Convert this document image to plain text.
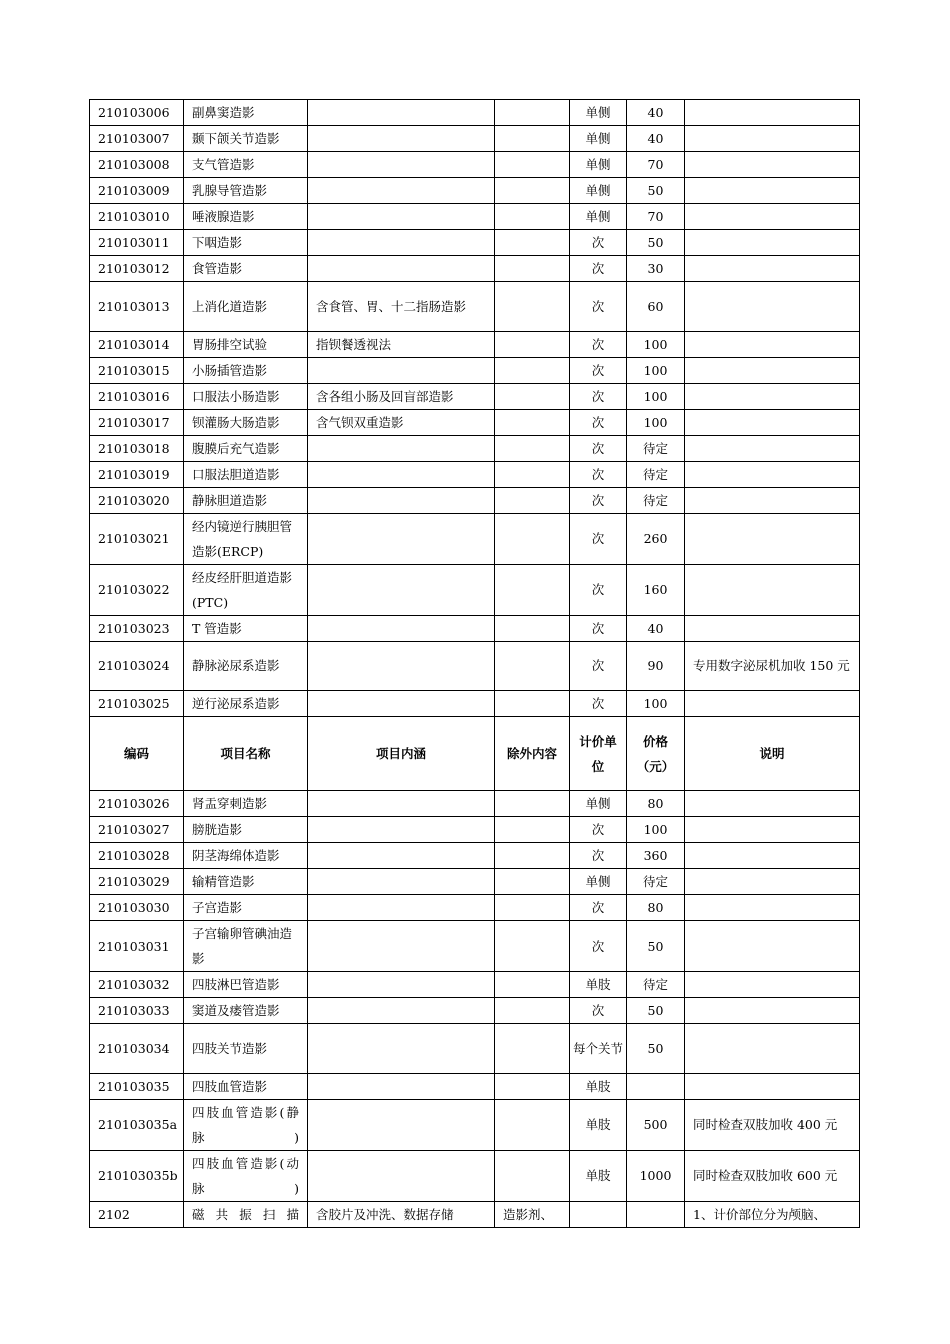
210103006	副鼻窦造影			单侧	40	
210103007	颞下颌关节造影			单侧	40	
210103008	支气管造影			单侧	70	
210103009	乳腺导管造影			单侧	50	
210103010	唾液腺造影			单侧	70	
210103011	下咽造影			次	50	
210103012	食管造影			次	30	
210103013	上消化道造影	含食管、胃、十二指肠造影		次	60	
210103014	胃肠排空试验	指钡餐透视法		次	100	
210103015	小肠插管造影			次	100	
210103016	口服法小肠造影	含各组小肠及回盲部造影		次	100	
210103017	钡灌肠大肠造影	含气钡双重造影		次	100	
210103018	腹膜后充气造影			次	待定	
210103019	口服法胆道造影			次	待定	
210103020	静脉胆道造影			次	待定	
210103021	经内镜逆行胰胆管造影(ERCP)			次	260	
210103022	经皮经肝胆道造影(PTC)			次	160	
210103023	T 管造影			次	40	
210103024	静脉泌尿系造影			次	90	专用数字泌尿机加收 150 元
210103025	逆行泌尿系造影			次	100	
编码	项目名称	项目内涵	除外内容	计价单位	价格（元）	说明
210103026	肾盂穿刺造影			单侧	80	
210103027	膀胱造影			次	100	
210103028	阴茎海绵体造影			次	360	
210103029	输精管造影			单侧	待定	
210103030	子宫造影			次	80	
210103031	子宫输卵管碘油造影			次	50	
210103032	四肢淋巴管造影			单肢	待定	
210103033	窦道及瘘管造影			次	50	
210103034	四肢关节造影			每个关节	50	
210103035	四肢血管造影			单肢		
210103035a	四肢血管造影(静脉)			单肢	500	同时检查双肢加收 400 元
210103035b	四肢血管造影(动脉)			单肢	1000	同时检查双肢加收 600 元
2102	磁共振扫描	含胶片及冲洗、数据存储	造影剂、			1、计价部位分为颅脑、
